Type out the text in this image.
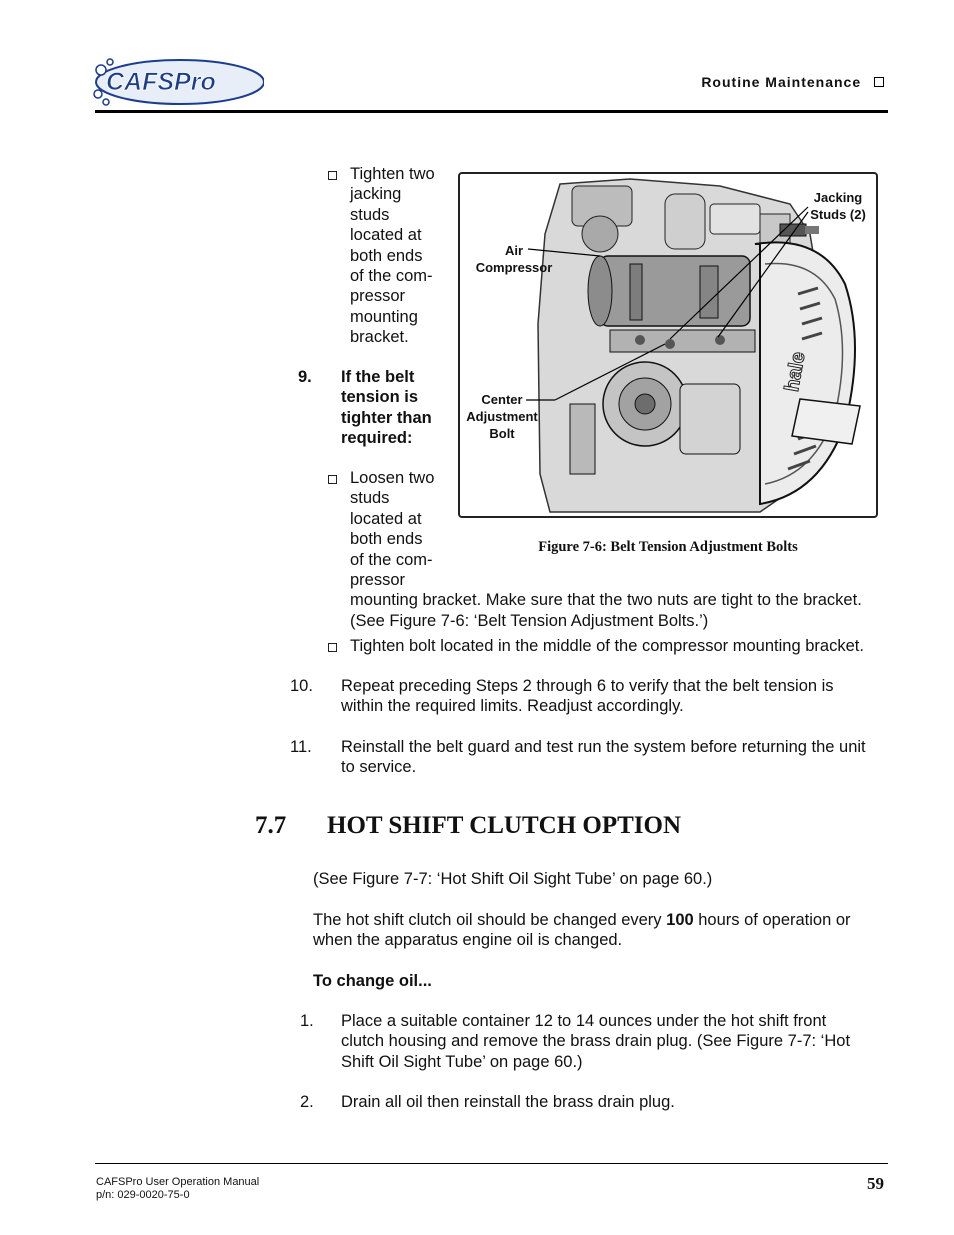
CAFSPro	Routine Maintenance
Tighten two
jacking
studs
located at
both ends
of the com-
pressor
mounting
bracket.
9. If the belt
tension is
tighter than
required:
Loosen two
studs
located at
both ends
of the com-
pressor
mounting bracket. Make sure that the two nuts are tight to the bracket.
(See Figure 7-6: ‘Belt Tension Adjustment Bolts.’)
Tighten bolt located in the middle of the compressor mounting bracket.
hale
Air
Compressor
Jacking
Studs (2)
Center
Adjustment
Bolt
Figure 7-6: Belt Tension Adjustment Bolts
10. Repeat preceding Steps 2 through 6 to verify that the belt tension is
within the required limits. Readjust accordingly.
11. Reinstall the belt guard and test run the system before returning the unit
to service.
7.7 HOT SHIFT CLUTCH OPTION
(See Figure 7-7: ‘Hot Shift Oil Sight Tube’ on page 60.)
The hot shift clutch oil should be changed every 100 hours of operation or
when the apparatus engine oil is changed.
To change oil...
1. Place a suitable container 12 to 14 ounces under the hot shift front
clutch housing and remove the brass drain plug. (See Figure 7-7: ‘Hot
Shift Oil Sight Tube’ on page 60.)
2. Drain all oil then reinstall the brass drain plug.
CAFSPro User Operation Manual
p/n: 029-0020-75-0
59
